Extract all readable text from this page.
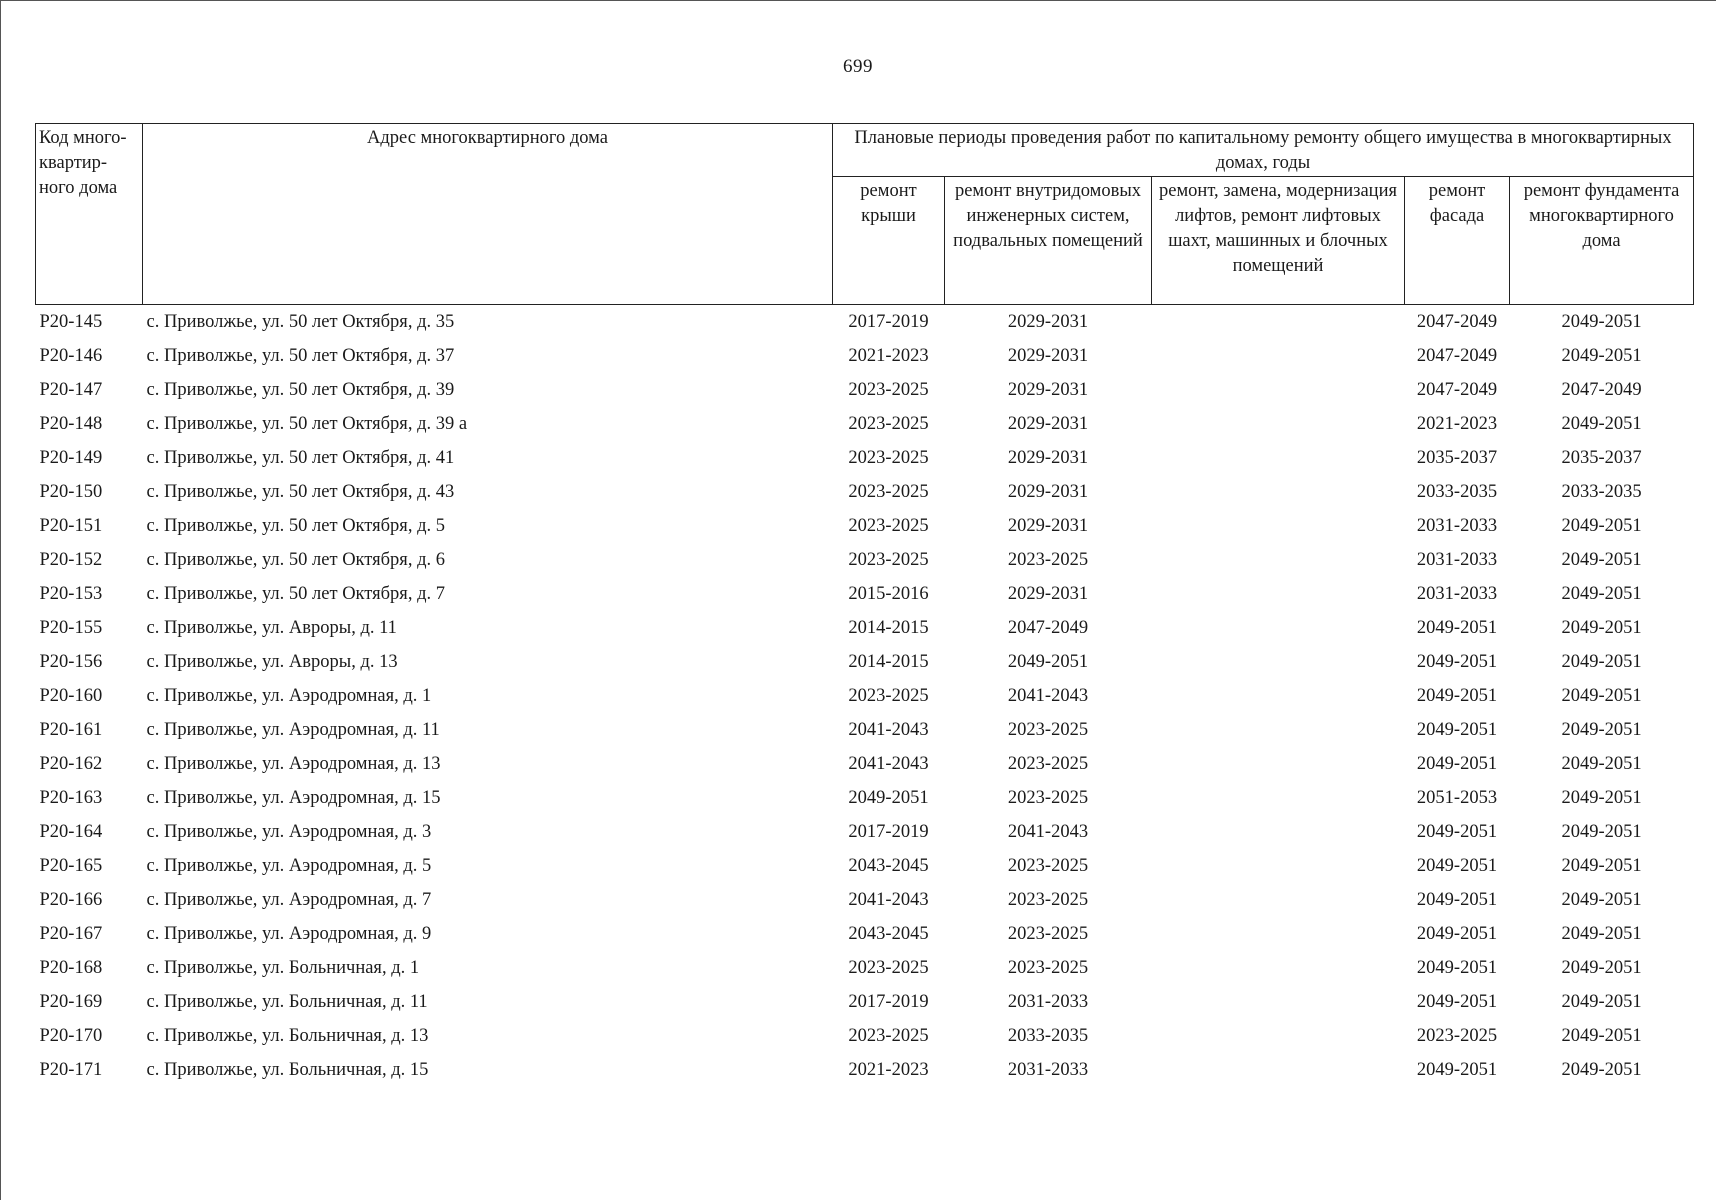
699
Код много-квартир-ного дома	Адрес многоквартирного дома	Плановые периоды проведения работ по капитальному ремонту общего имущества в многоквартирных домах, годы				
		ремонт крыши	ремонт внутридомовых инженерных систем, подвальных помещений	ремонт, замена, модернизация лифтов, ремонт лифтовых шахт, машинных и блочных помещений	ремонт фасада	ремонт фундамента многоквартирного дома
Р20-145	с. Приволжье, ул. 50 лет Октября, д. 35	2017-2019	2029-2031		2047-2049	2049-2051
Р20-146	с. Приволжье, ул. 50 лет Октября, д. 37	2021-2023	2029-2031		2047-2049	2049-2051
Р20-147	с. Приволжье, ул. 50 лет Октября, д. 39	2023-2025	2029-2031		2047-2049	2047-2049
Р20-148	с. Приволжье, ул. 50 лет Октября, д. 39 а	2023-2025	2029-2031		2021-2023	2049-2051
Р20-149	с. Приволжье, ул. 50 лет Октября, д. 41	2023-2025	2029-2031		2035-2037	2035-2037
Р20-150	с. Приволжье, ул. 50 лет Октября, д. 43	2023-2025	2029-2031		2033-2035	2033-2035
Р20-151	с. Приволжье, ул. 50 лет Октября, д. 5	2023-2025	2029-2031		2031-2033	2049-2051
Р20-152	с. Приволжье, ул. 50 лет Октября, д. 6	2023-2025	2023-2025		2031-2033	2049-2051
Р20-153	с. Приволжье, ул. 50 лет Октября, д. 7	2015-2016	2029-2031		2031-2033	2049-2051
Р20-155	с. Приволжье, ул. Авроры, д. 11	2014-2015	2047-2049		2049-2051	2049-2051
Р20-156	с. Приволжье, ул. Авроры, д. 13	2014-2015	2049-2051		2049-2051	2049-2051
Р20-160	с. Приволжье, ул. Аэродромная, д. 1	2023-2025	2041-2043		2049-2051	2049-2051
Р20-161	с. Приволжье, ул. Аэродромная, д. 11	2041-2043	2023-2025		2049-2051	2049-2051
Р20-162	с. Приволжье, ул. Аэродромная, д. 13	2041-2043	2023-2025		2049-2051	2049-2051
Р20-163	с. Приволжье, ул. Аэродромная, д. 15	2049-2051	2023-2025		2051-2053	2049-2051
Р20-164	с. Приволжье, ул. Аэродромная, д. 3	2017-2019	2041-2043		2049-2051	2049-2051
Р20-165	с. Приволжье, ул. Аэродромная, д. 5	2043-2045	2023-2025		2049-2051	2049-2051
Р20-166	с. Приволжье, ул. Аэродромная, д. 7	2041-2043	2023-2025		2049-2051	2049-2051
Р20-167	с. Приволжье, ул. Аэродромная, д. 9	2043-2045	2023-2025		2049-2051	2049-2051
Р20-168	с. Приволжье, ул. Больничная, д. 1	2023-2025	2023-2025		2049-2051	2049-2051
Р20-169	с. Приволжье, ул. Больничная, д. 11	2017-2019	2031-2033		2049-2051	2049-2051
Р20-170	с. Приволжье, ул. Больничная, д. 13	2023-2025	2033-2035		2023-2025	2049-2051
Р20-171	с. Приволжье, ул. Больничная, д. 15	2021-2023	2031-2033		2049-2051	2049-2051
